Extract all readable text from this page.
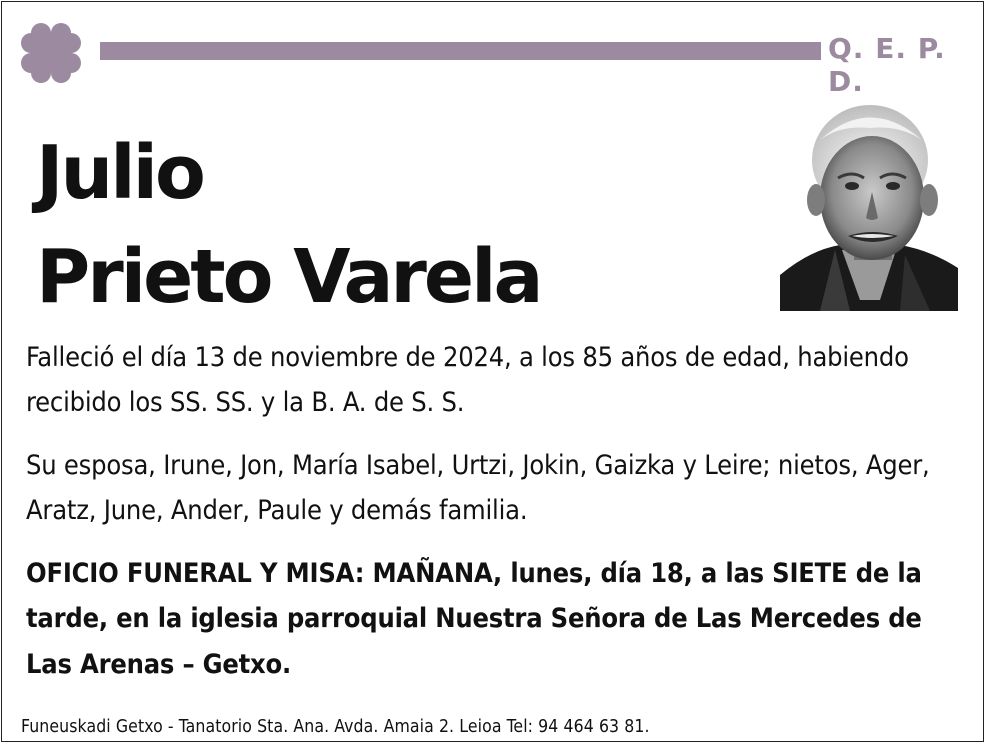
Q. E. P. D.
Julio
Prieto Varela
Falleció el día 13 de noviembre de 2024, a los 85 años de edad, habiendo recibido los SS. SS. y la B. A. de S. S.
Su esposa, Irune, Jon, María Isabel, Urtzi, Jokin, Gaizka y Leire; nietos, Ager, Aratz, June, Ander, Paule y demás familia.
OFICIO FUNERAL Y MISA: MAÑANA, lunes, día 18, a las SIETE de la tarde, en la iglesia parroquial Nuestra Señora de Las Mercedes de Las Arenas – Getxo.
Funeuskadi Getxo - Tanatorio Sta. Ana. Avda. Amaia 2. Leioa Tel: 94 464 63 81.
